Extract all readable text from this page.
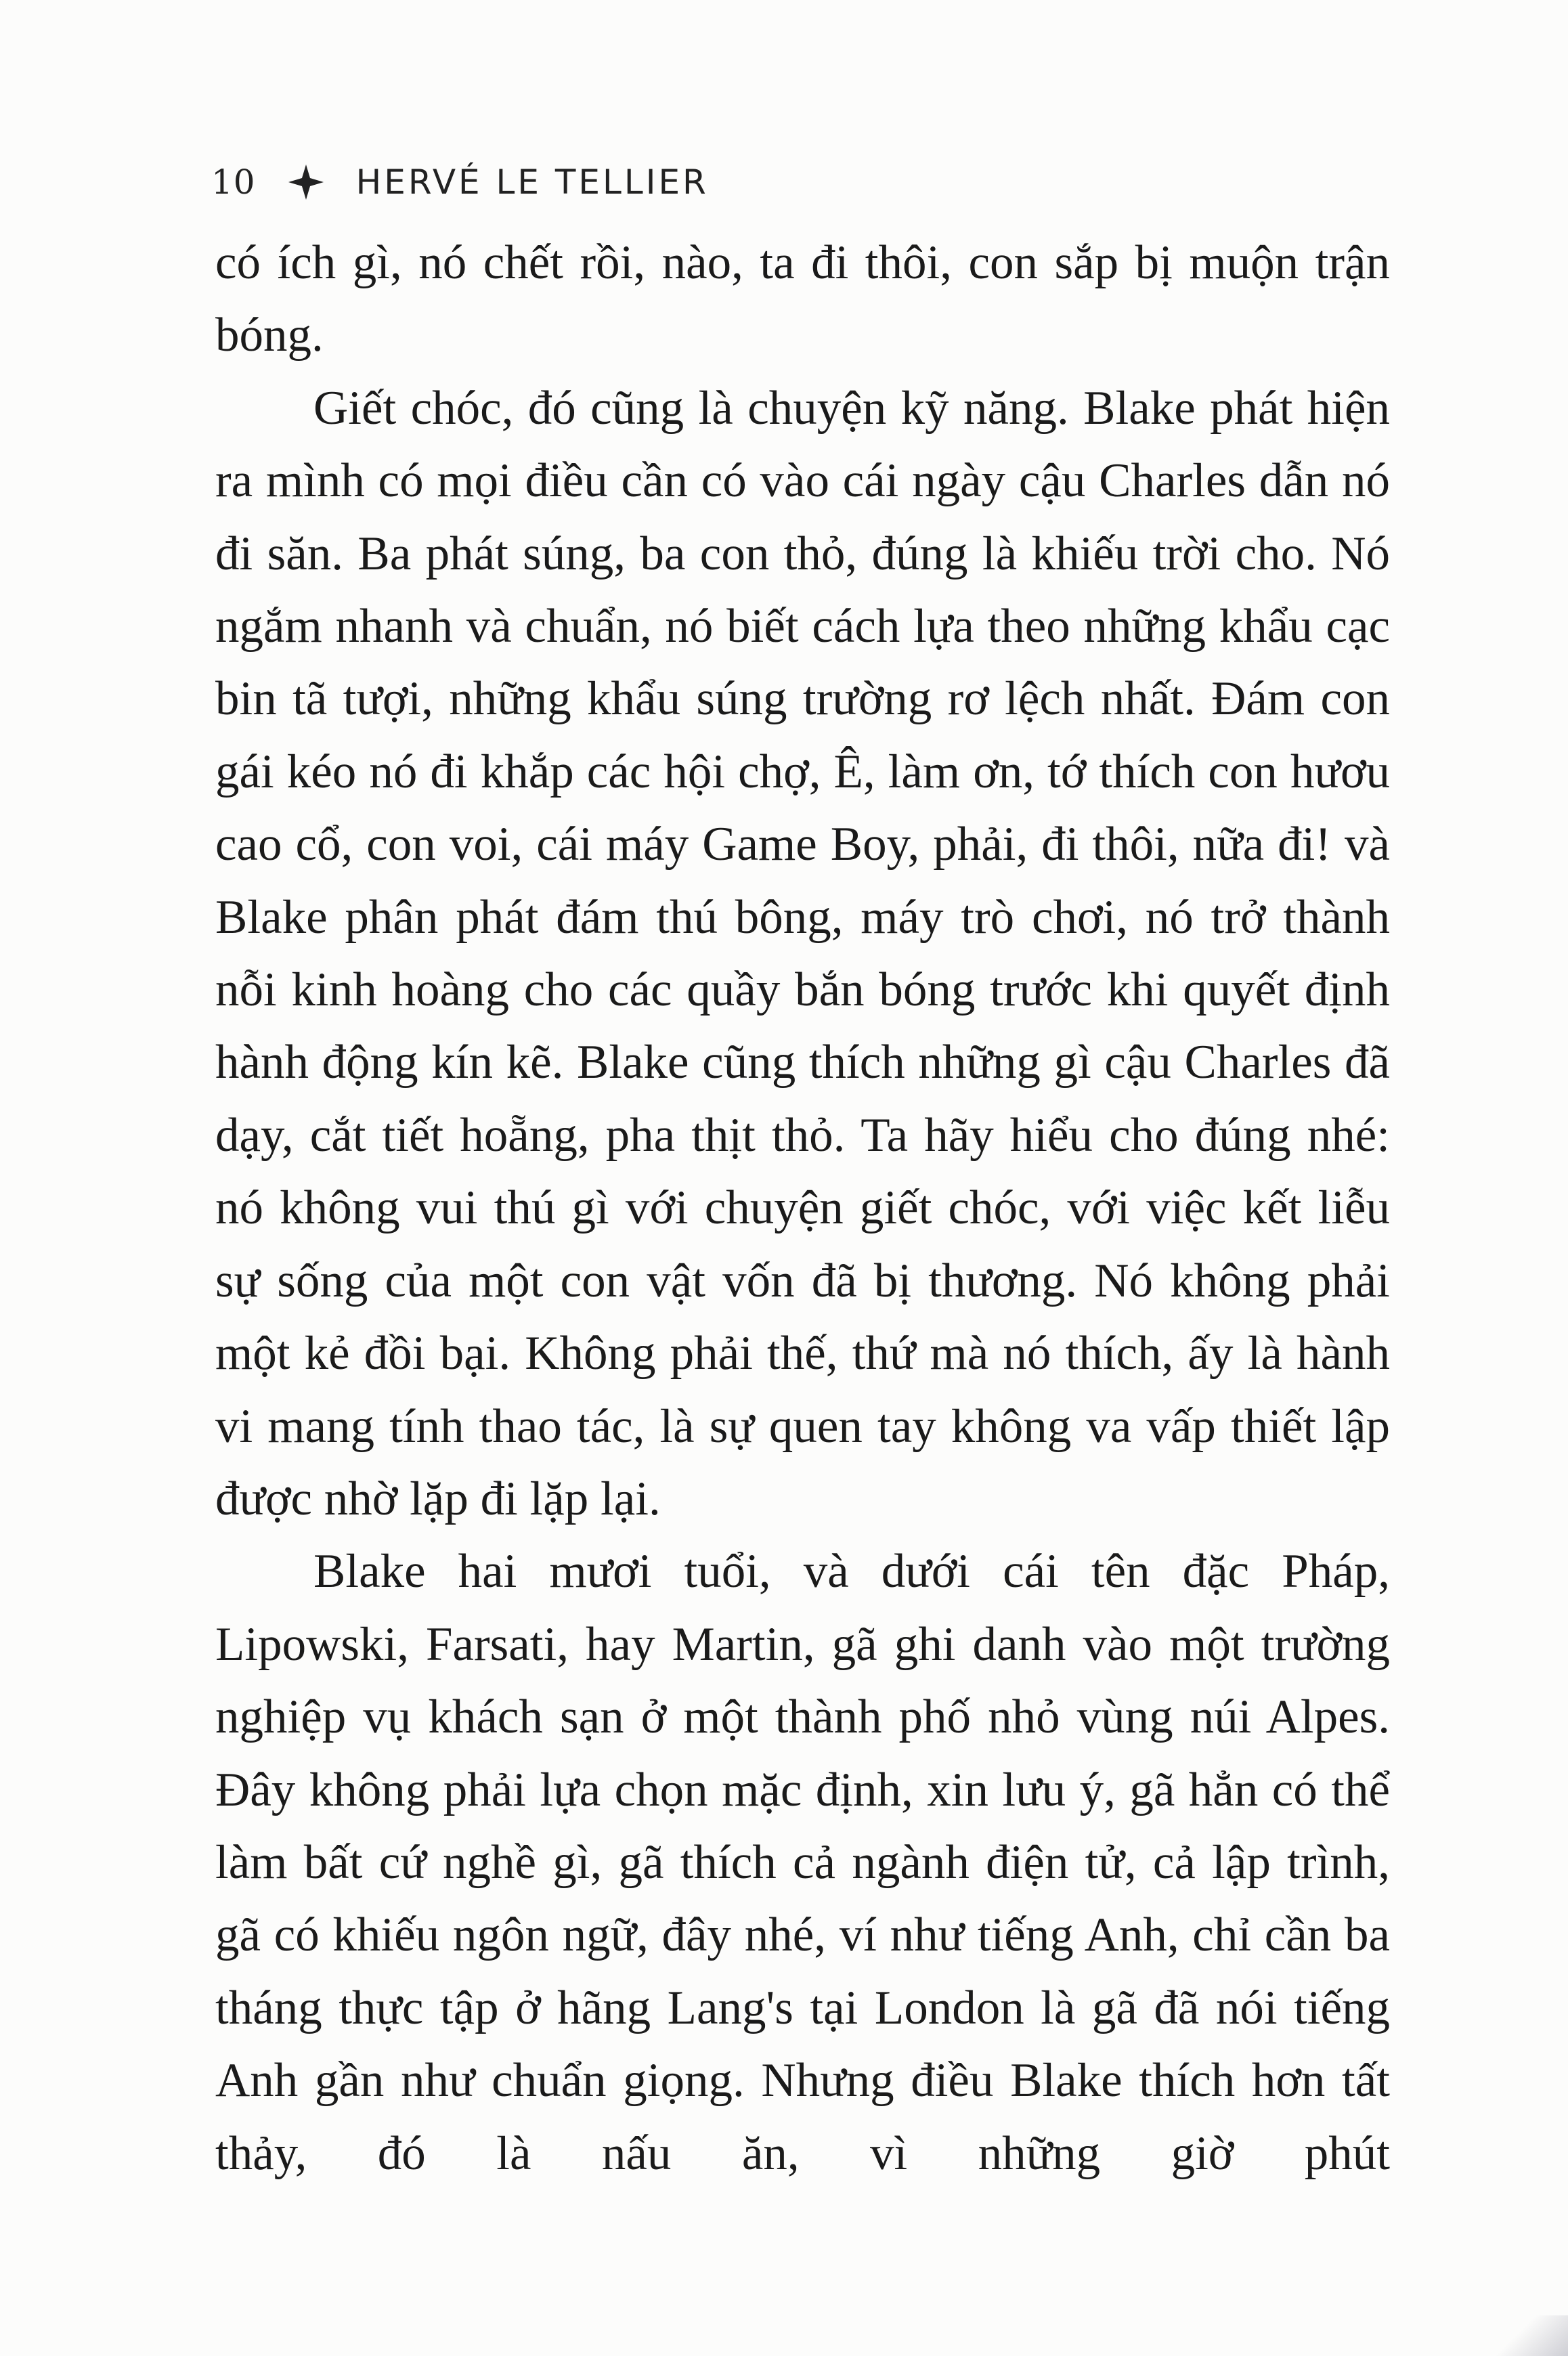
10	HERVÉ LE TELLIER

có ích gì, nó chết rồi, nào, ta đi thôi, con sắp bị muộn trận bóng.

Giết chóc, đó cũng là chuyện kỹ năng. Blake phát hiện ra mình có mọi điều cần có vào cái ngày cậu Charles dẫn nó đi săn. Ba phát súng, ba con thỏ, đúng là khiếu trời cho. Nó ngắm nhanh và chuẩn, nó biết cách lựa theo những khẩu cạc bin tã tượi, những khẩu súng trường rơ lệch nhất. Đám con gái kéo nó đi khắp các hội chợ, Ê, làm ơn, tớ thích con hươu cao cổ, con voi, cái máy Game Boy, phải, đi thôi, nữa đi! và Blake phân phát đám thú bông, máy trò chơi, nó trở thành nỗi kinh hoàng cho các quầy bắn bóng trước khi quyết định hành động kín kẽ. Blake cũng thích những gì cậu Charles đã dạy, cắt tiết hoẵng, pha thịt thỏ. Ta hãy hiểu cho đúng nhé: nó không vui thú gì với chuyện giết chóc, với việc kết liễu sự sống của một con vật vốn đã bị thương. Nó không phải một kẻ đồi bại. Không phải thế, thứ mà nó thích, ấy là hành vi mang tính thao tác, là sự quen tay không va vấp thiết lập được nhờ lặp đi lặp lại.

Blake hai mươi tuổi, và dưới cái tên đặc Pháp, Lipowski, Farsati, hay Martin, gã ghi danh vào một trường nghiệp vụ khách sạn ở một thành phố nhỏ vùng núi Alpes. Đây không phải lựa chọn mặc định, xin lưu ý, gã hẳn có thể làm bất cứ nghề gì, gã thích cả ngành điện tử, cả lập trình, gã có khiếu ngôn ngữ, đây nhé, ví như tiếng Anh, chỉ cần ba tháng thực tập ở hãng Lang's tại London là gã đã nói tiếng Anh gần như chuẩn giọng. Nhưng điều Blake thích hơn tất thảy, đó là nấu ăn, vì những giờ phút
